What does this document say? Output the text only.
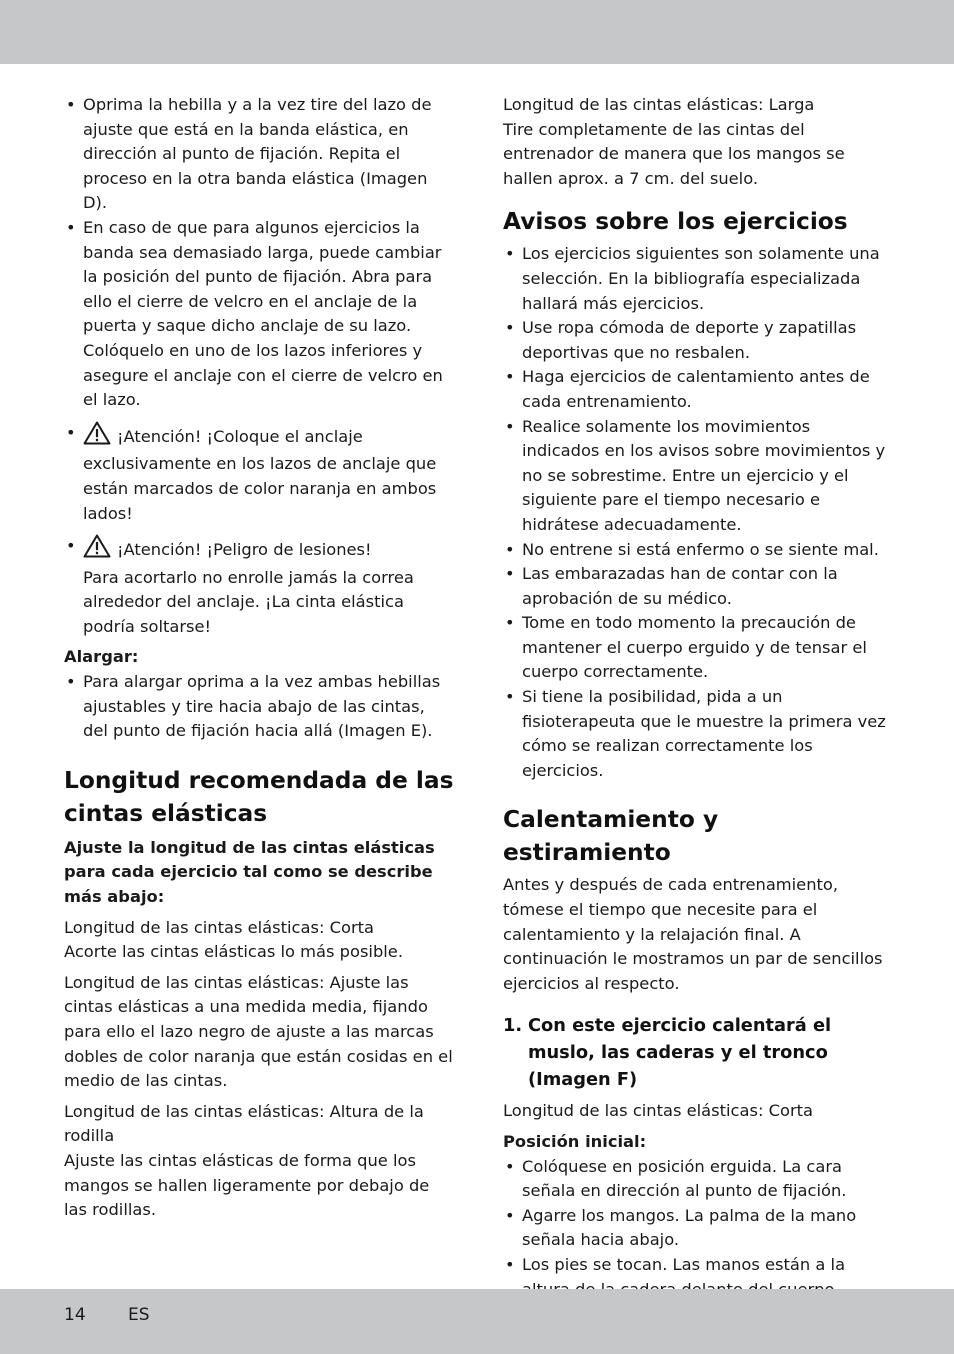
• Oprima la hebilla y a la vez tire del lazo de ajuste que está en la banda elástica, en dirección al punto de fijación. Repita el proceso en la otra banda elástica (Imagen D).
• En caso de que para algunos ejercicios la banda sea demasiado larga, puede cambiar la posición del punto de fijación. Abra para ello el cierre de velcro en el anclaje de la puerta y saque dicho anclaje de su lazo. Colóquelo en uno de los lazos inferiores y asegure el anclaje con el cierre de velcro en el lazo.
• ¡Atención! ¡Coloque el anclaje exclusivamente en los lazos de anclaje que están marcados de color naranja en ambos lados!
• ¡Atención! ¡Peligro de lesiones!
Para acortarlo no enrolle jamás la correa alrededor del anclaje. ¡La cinta elástica podría soltarse!

Alargar:

• Para alargar oprima a la vez ambas hebillas ajustables y tire hacia abajo de las cintas, del punto de fijación hacia allá (Imagen E).
Longitud recomendada de las cintas elásticas

Ajuste la longitud de las cintas elásticas para cada ejercicio tal como se describe más abajo:

Longitud de las cintas elásticas: Corta

Acorte las cintas elásticas lo más posible.

Longitud de las cintas elásticas: Ajuste las cintas elásticas a una medida media, fijando para ello el lazo negro de ajuste a las marcas dobles de color naranja que están cosidas en el medio de las cintas.

Longitud de las cintas elásticas: Altura de la rodilla

Ajuste las cintas elásticas de forma que los mangos se hallen ligeramente por debajo de las rodillas.

Longitud de las cintas elásticas: Larga

Tire completamente de las cintas del entrenador de manera que los mangos se hallen aprox. a 7 cm. del suelo.

Avisos sobre los ejercicios
• Los ejercicios siguientes son solamente una selección. En la bibliografía especializada hallará más ejercicios.
• Use ropa cómoda de deporte y zapatillas deportivas que no resbalen.
• Haga ejercicios de calentamiento antes de cada entrenamiento.
• Realice solamente los movimientos indicados en los avisos sobre movimientos y no se sobrestime. Entre un ejercicio y el siguiente pare el tiempo necesario e hidrátese adecuadamente.
• No entrene si está enfermo o se siente mal.
• Las embarazadas han de contar con la aprobación de su médico.
• Tome en todo momento la precaución de mantener el cuerpo erguido y de tensar el cuerpo correctamente.
• Si tiene la posibilidad, pida a un fisioterapeuta que le muestre la primera vez cómo se realizan correctamente los ejercicios.
Calentamiento y estiramiento

Antes y después de cada entrenamiento, tómese el tiempo que necesite para el calentamiento y la relajación final. A continuación le mostramos un par de sencillos ejercicios al respecto.

1. Con este ejercicio calentará el muslo, las caderas y el tronco (Imagen F)

Longitud de las cintas elásticas: Corta

Posición inicial:

• Colóquese en posición erguida. La cara señala en dirección al punto de fijación.
• Agarre los mangos. La palma de la mano señala hacia abajo.
• Los pies se tocan. Las manos están a la
14 ES
